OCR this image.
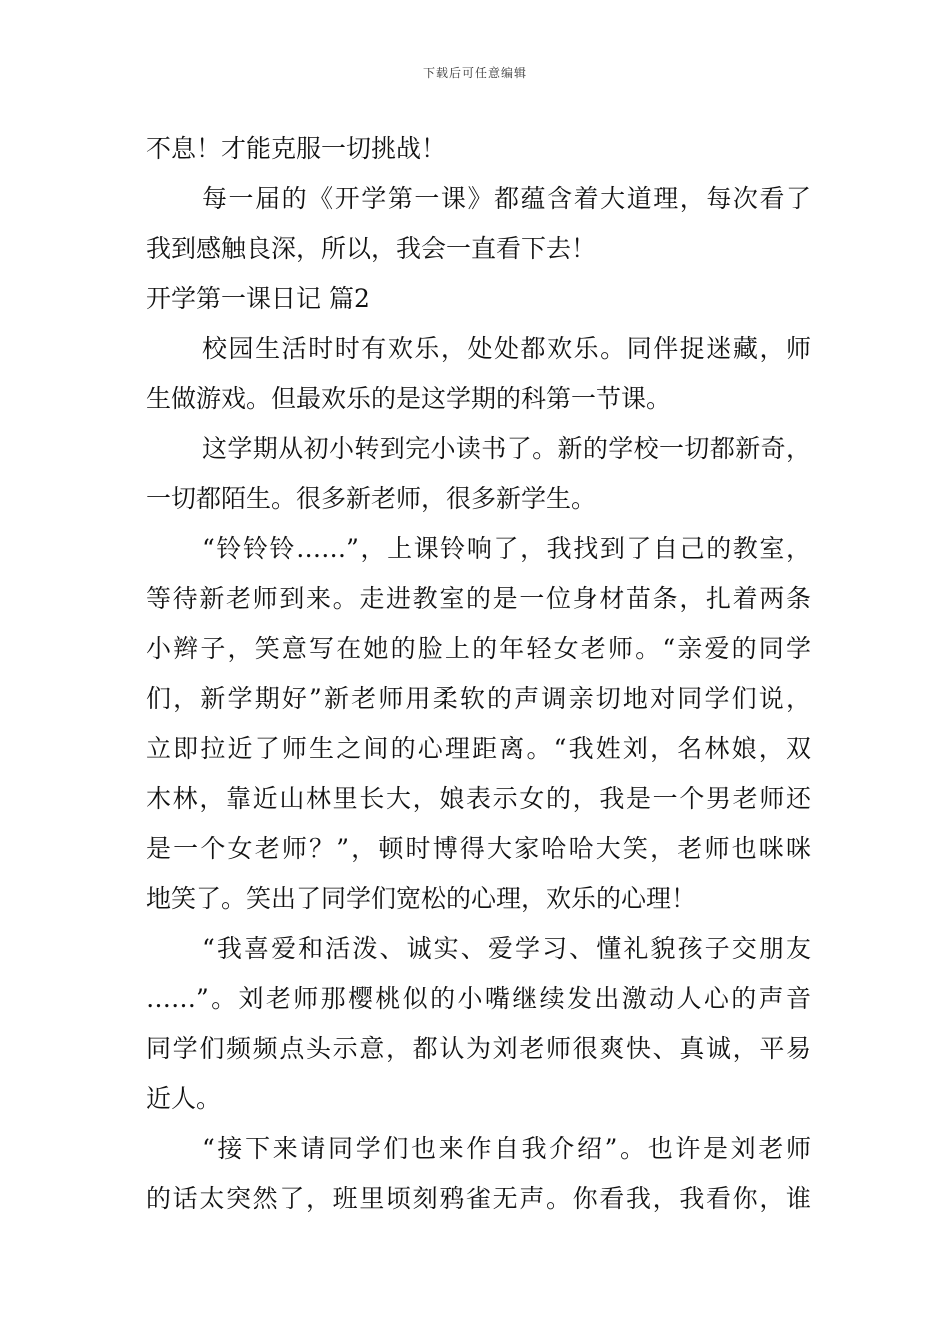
下载后可任意编辑
不息！才能克服一切挑战！
每一届的《开学第一课》都蕴含着大道理，每次看了
我到感触良深，所以，我会一直看下去！
开学第一课日记 篇2
校园生活时时有欢乐，处处都欢乐。同伴捉迷藏，师
生做游戏。但最欢乐的是这学期的科第一节课。
这学期从初小转到完小读书了。新的学校一切都新奇，
一切都陌生。很多新老师，很多新学生。
“铃铃铃……”，上课铃响了，我找到了自己的教室，
等待新老师到来。走进教室的是一位身材苗条，扎着两条
小辫子，笑意写在她的脸上的年轻女老师。“亲爱的同学
们，新学期好”新老师用柔软的声调亲切地对同学们说，
立即拉近了师生之间的心理距离。“我姓刘，名林娘，双
木林，靠近山林里长大，娘表示女的，我是一个男老师还
是一个女老师？”，顿时博得大家哈哈大笑，老师也咪咪
地笑了。笑出了同学们宽松的心理，欢乐的心理！
“我喜爱和活泼、诚实、爱学习、懂礼貌孩子交朋友
……”。刘老师那樱桃似的小嘴继续发出激动人心的声音
同学们频频点头示意，都认为刘老师很爽快、真诚，平易
近人。
“接下来请同学们也来作自我介绍”。也许是刘老师
的话太突然了，班里顷刻鸦雀无声。你看我，我看你，谁
